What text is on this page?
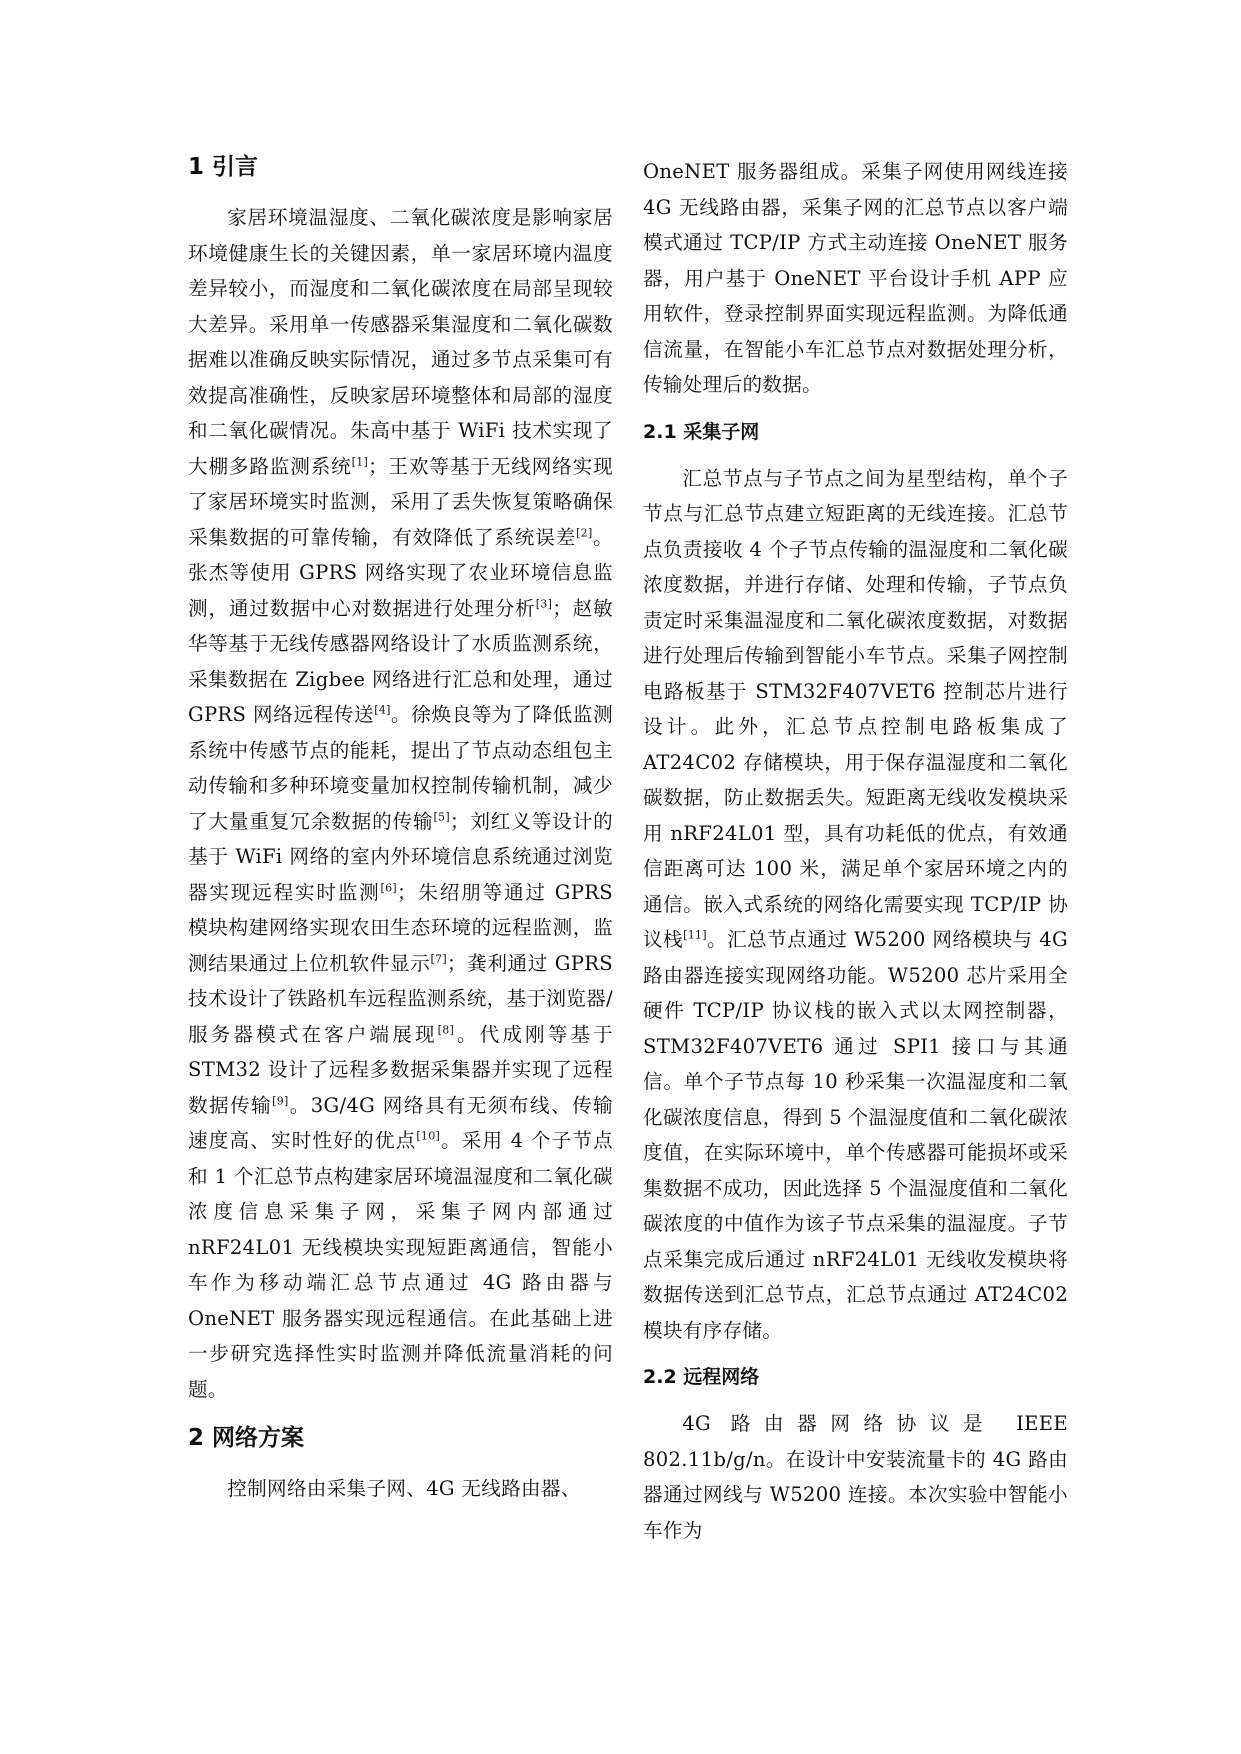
1 引言

家居环境温湿度、二氧化碳浓度是影响家居环境健康生长的关键因素，单一家居环境内温度差异较小，而湿度和二氧化碳浓度在局部呈现较大差异。采用单一传感器采集湿度和二氧化碳数据难以准确反映实际情况，通过多节点采集可有效提高准确性，反映家居环境整体和局部的湿度和二氧化碳情况。朱高中基于 WiFi 技术实现了大棚多路监测系统[1]；王欢等基于无线网络实现了家居环境实时监测，采用了丢失恢复策略确保采集数据的可靠传输，有效降低了系统误差[2]。张杰等使用 GPRS 网络实现了农业环境信息监测，通过数据中心对数据进行处理分析[3]；赵敏华等基于无线传感器网络设计了水质监测系统，采集数据在 Zigbee 网络进行汇总和处理，通过 GPRS 网络远程传送[4]。徐焕良等为了降低监测系统中传感节点的能耗，提出了节点动态组包主动传输和多种环境变量加权控制传输机制，减少了大量重复冗余数据的传输[5]；刘红义等设计的基于 WiFi 网络的室内外环境信息系统通过浏览器实现远程实时监测[6]；朱绍朋等通过 GPRS 模块构建网络实现农田生态环境的远程监测，监测结果通过上位机软件显示[7]；龚利通过 GPRS 技术设计了铁路机车远程监测系统，基于浏览器/服务器模式在客户端展现[8]。代成刚等基于 STM32 设计了远程多数据采集器并实现了远程数据传输[9]。3G/4G 网络具有无须布线、传输速度高、实时性好的优点[10]。采用 4 个子节点和 1 个汇总节点构建家居环境温湿度和二氧化碳浓度信息采集子网，采集子网内部通过 nRF24L01 无线模块实现短距离通信，智能小车作为移动端汇总节点通过 4G 路由器与 OneNET 服务器实现远程通信。在此基础上进一步研究选择性实时监测并降低流量消耗的问题。

2 网络方案

控制网络由采集子网、4G 无线路由器、

OneNET 服务器组成。采集子网使用网线连接 4G 无线路由器，采集子网的汇总节点以客户端模式通过 TCP/IP 方式主动连接 OneNET 服务器，用户基于 OneNET 平台设计手机 APP 应用软件，登录控制界面实现远程监测。为降低通信流量，在智能小车汇总节点对数据处理分析，传输处理后的数据。

2.1 采集子网

汇总节点与子节点之间为星型结构，单个子节点与汇总节点建立短距离的无线连接。汇总节点负责接收 4 个子节点传输的温湿度和二氧化碳浓度数据，并进行存储、处理和传输，子节点负责定时采集温湿度和二氧化碳浓度数据，对数据进行处理后传输到智能小车节点。采集子网控制电路板基于 STM32F407VET6 控制芯片进行设计。此外，汇总节点控制电路板集成了 AT24C02 存储模块，用于保存温湿度和二氧化碳数据，防止数据丢失。短距离无线收发模块采用 nRF24L01 型，具有功耗低的优点，有效通信距离可达 100 米，满足单个家居环境之内的通信。嵌入式系统的网络化需要实现 TCP/IP 协议栈[11]。汇总节点通过 W5200 网络模块与 4G 路由器连接实现网络功能。W5200 芯片采用全硬件 TCP/IP 协议栈的嵌入式以太网控制器，STM32F407VET6 通过 SPI1 接口与其通信。单个子节点每 10 秒采集一次温湿度和二氧化碳浓度信息，得到 5 个温湿度值和二氧化碳浓度值，在实际环境中，单个传感器可能损坏或采集数据不成功，因此选择 5 个温湿度值和二氧化碳浓度的中值作为该子节点采集的温湿度。子节点采集完成后通过 nRF24L01 无线收发模块将数据传送到汇总节点，汇总节点通过 AT24C02 模块有序存储。

2.2 远程网络

4G 路由器网络协议是 IEEE 802.11b/g/n。在设计中安装流量卡的 4G 路由器通过网线与 W5200 连接。本次实验中智能小车作为
